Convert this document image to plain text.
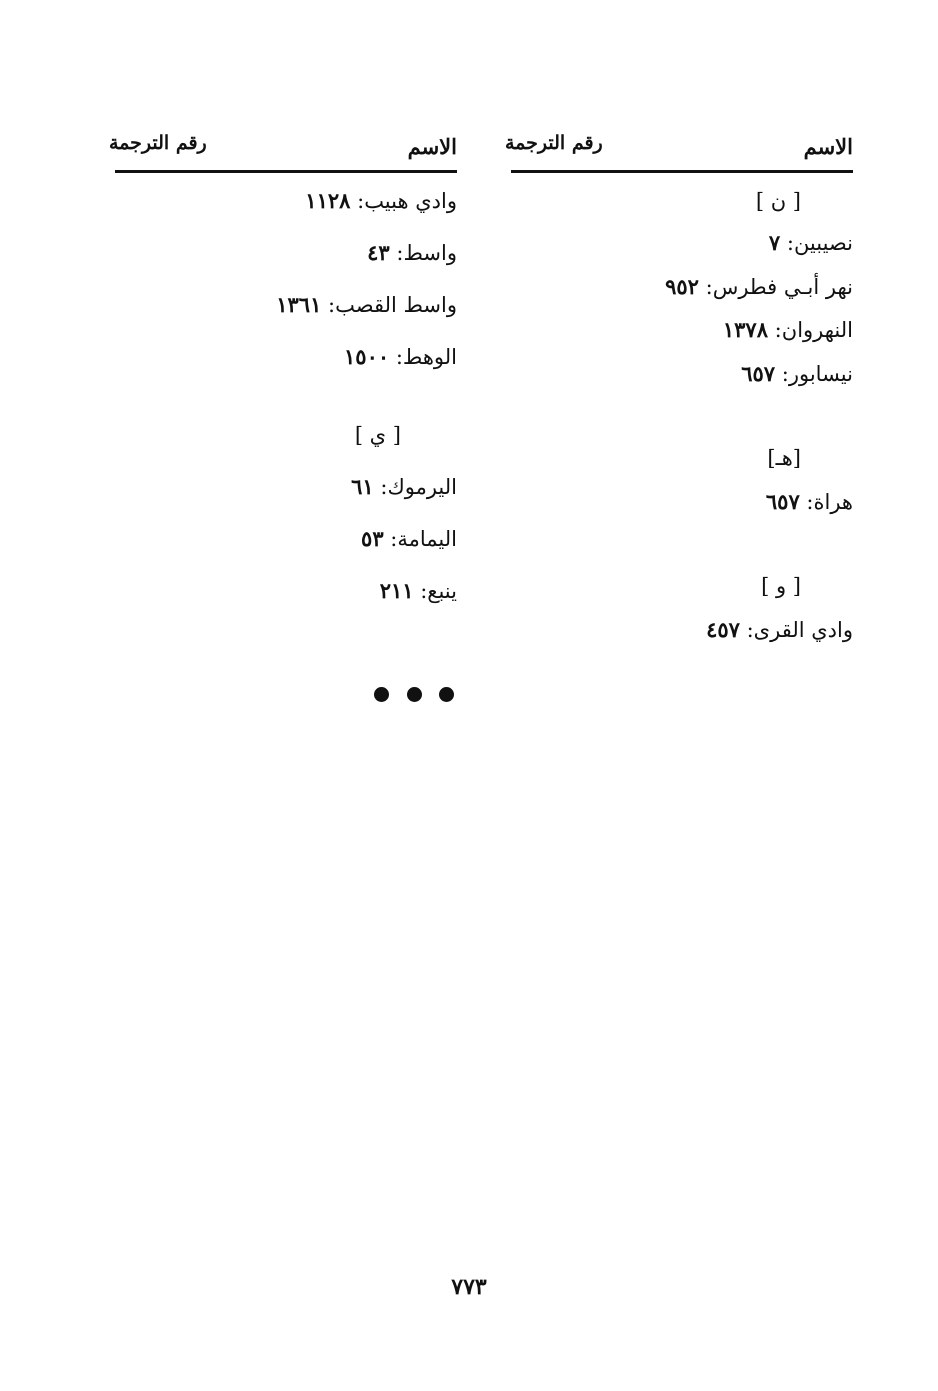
الاسم
رقم الترجمة
[ ن ]
نصيبين: ٧
نهر أبـي فطرس: ٩٥٢
النهروان: ١٣٧٨
نيسابور: ٦٥٧
[هـ]
هراة: ٦٥٧
[ و ]
وادي القرى: ٤٥٧
الاسم
رقم الترجمة
وادي هبيب: ١١٢٨
واسط: ٤٣
واسط القصب: ١٣٦١
الوهط: ١٥٠٠
[ ي ]
اليرموك: ٦١
اليمامة: ٥٣
ينبع: ٢١١
٧٧٣
